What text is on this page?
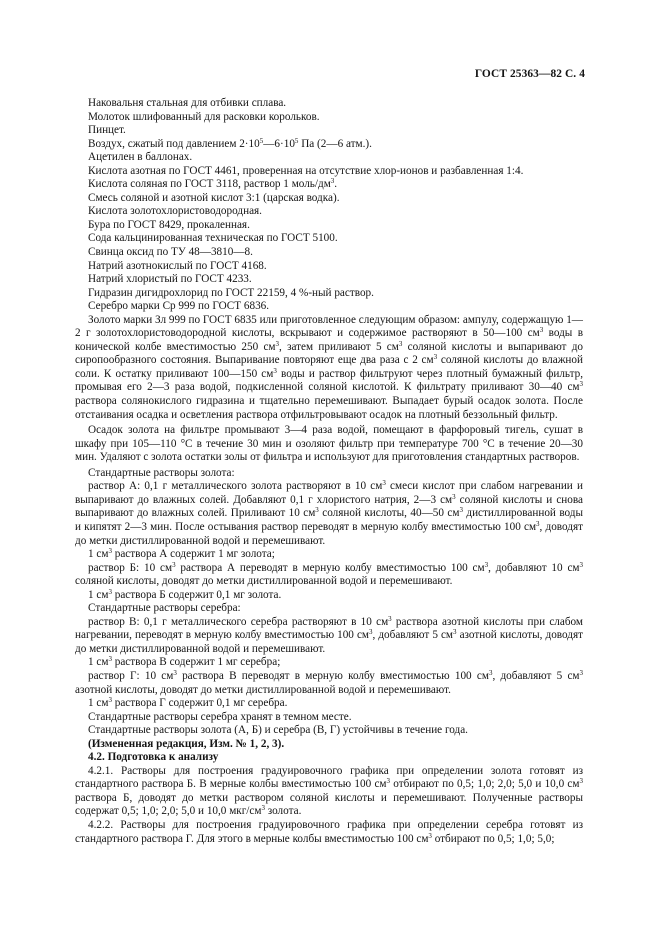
ГОСТ 25363—82 С. 4

Наковальня стальная для отбивки сплава.

Молоток шлифованный для расковки корольков.

Пинцет.

Воздух, сжатый под давлением $2\cdot 10^5—6\cdot 10^5$ Па (2—6 атм.).

Ацетилен в баллонах.

Кислота азотная по ГОСТ 4461, проверенная на отсутствие хлор-ионов и разбавленная 1:4.

Кислота соляная по ГОСТ 3118, раствор 1 моль/$дм^3$.

Смесь соляной и азотной кислот 3:1 (царская водка).

Кислота золотохлористоводородная.

Бура по ГОСТ 8429, прокаленная.

Сода кальцинированная техническая по ГОСТ 5100.

Свинца оксид по ТУ 48—3810—8.

Натрий азотнокислый по ГОСТ 4168.

Натрий хлористый по ГОСТ 4233.

Гидразин дигидрохлорид по ГОСТ 22159, 4 %-ный раствор.

Серебро марки Ср 999 по ГОСТ 6836.

Золото марки Зл 999 по ГОСТ 6835 или приготовленное следующим образом: ампулу, содержащую 1—2 г золотохлористоводородной кислоты, вскрывают и содержимое растворяют в 50—100 $см^3$ воды в конической колбе вместимостью 250 $см^3$, затем приливают 5 $см^3$ соляной кислоты и выпаривают до сиропообразного состояния. Выпаривание повторяют еще два раза с 2 $см^3$ соляной кислоты до влажной соли. К остатку приливают 100—150 $см^3$ воды и раствор фильтруют через плотный бумажный фильтр, промывая его 2—3 раза водой, подкисленной соляной кислотой. К фильтрату приливают 30—40 $см^3$ раствора солянокислого гидразина и тщательно перемешивают. Выпадает бурый осадок золота. После отстаивания осадка и осветления раствора отфильтровывают осадок на плотный беззольный фильтр.

Осадок золота на фильтре промывают 3—4 раза водой, помещают в фарфоровый тигель, сушат в шкафу при 105—110 °С в течение 30 мин и озоляют фильтр при температуре 700 °С в течение 20—30 мин. Удаляют с золота остатки золы от фильтра и используют для приготовления стандартных растворов.

Стандартные растворы золота:

раствор А: 0,1 г металлического золота растворяют в 10 $см^3$ смеси кислот при слабом нагревании и выпаривают до влажных солей. Добавляют 0,1 г хлористого натрия, 2—3 $см^3$ соляной кислоты и снова выпаривают до влажных солей. Приливают 10 $см^3$ соляной кислоты, 40—50 $см^3$ дистиллированной воды и кипятят 2—3 мин. После остывания раствор переводят в мерную колбу вместимостью 100 $см^3$, доводят до метки дистиллированной водой и перемешивают.

1 $см^3$ раствора А содержит 1 мг золота;

раствор Б: 10 $см^3$ раствора А переводят в мерную колбу вместимостью 100 $см^3$, добавляют 10 $см^3$ соляной кислоты, доводят до метки дистиллированной водой и перемешивают.

1 $см^3$ раствора Б содержит 0,1 мг золота.

Стандартные растворы серебра:

раствор В: 0,1 г металлического серебра растворяют в 10 $см^3$ раствора азотной кислоты при слабом нагревании, переводят в мерную колбу вместимостью 100 $см^3$, добавляют 5 $см^3$ азотной кислоты, доводят до метки дистиллированной водой и перемешивают.

1 $см^3$ раствора В содержит 1 мг серебра;

раствор Г: 10 $см^3$ раствора В переводят в мерную колбу вместимостью 100 $см^3$, добавляют 5 $см^3$ азотной кислоты, доводят до метки дистиллированной водой и перемешивают.

1 $см^3$ раствора Г содержит 0,1 мг серебра.

Стандартные растворы серебра хранят в темном месте.

Стандартные растворы золота (А, Б) и серебра (В, Г) устойчивы в течение года.

(Измененная редакция, Изм. № 1, 2, 3).

4.2. Подготовка к анализу

4.2.1. Растворы для построения градуировочного графика при определении золота готовят из стандартного раствора Б. В мерные колбы вместимостью 100 $см^3$ отбирают по 0,5; 1,0; 2,0; 5,0 и 10,0 $см^3$ раствора Б, доводят до метки раствором соляной кислоты и перемешивают. Полученные растворы содержат 0,5; 1,0; 2,0; 5,0 и 10,0 мкг/$см^3$ золота.

4.2.2. Растворы для построения градуировочного графика при определении серебра готовят из стандартного раствора Г. Для этого в мерные колбы вместимостью 100 $см^3$ отбирают по 0,5; 1,0; 5,0;
